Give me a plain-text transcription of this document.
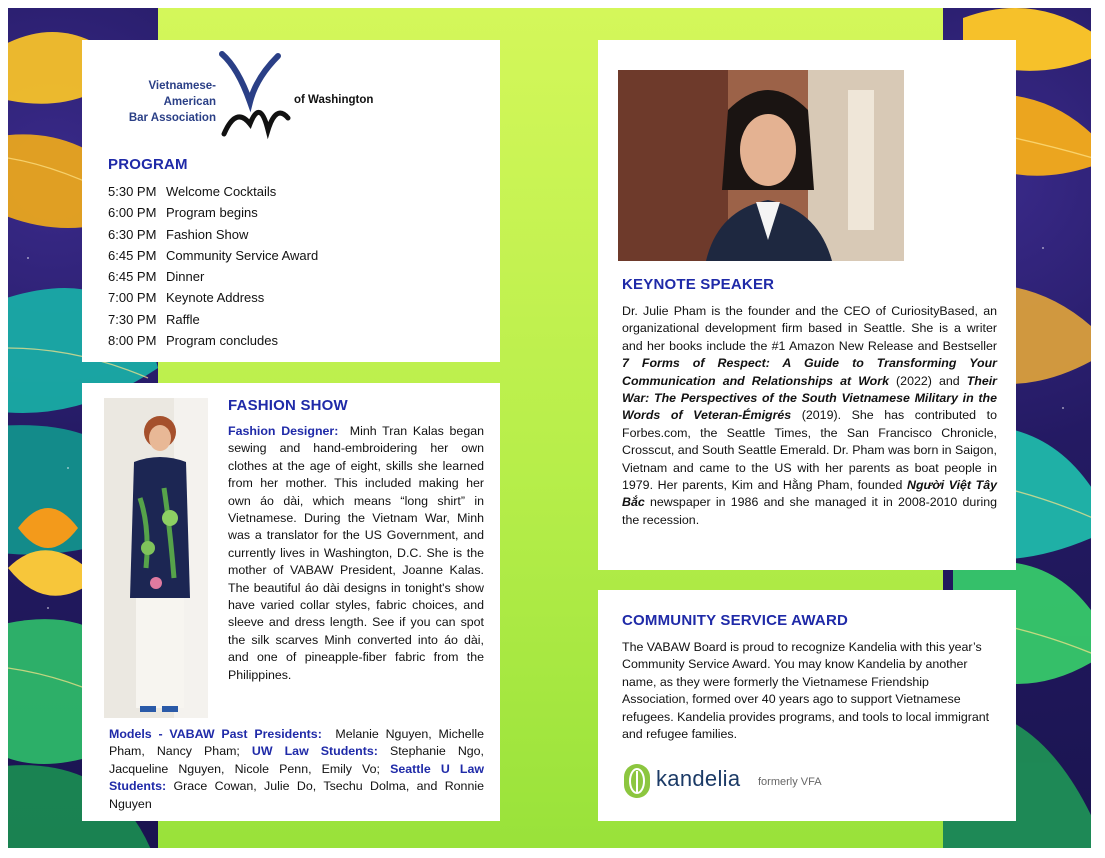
Vietnamese-American
Bar Association
of Washington
PROGRAM
5:30 PM Welcome Cocktails
6:00 PM Program begins
6:30 PM Fashion Show
6:45 PM Community Service Award
6:45 PM Dinner
7:00 PM Keynote Address
7:30 PM Raffle
8:00 PM Program concludes
FASHION SHOW
Fashion Designer: Minh Tran Kalas began sewing and hand-embroidering her own clothes at the age of eight, skills she learned from her mother. This included making her own áo dài, which means “long shirt” in Vietnamese. During the Vietnam War, Minh was a translator for the US Government, and currently lives in Washington, D.C. She is the mother of VABAW President, Joanne Kalas. The beautiful áo dài designs in tonight's show have varied collar styles, fabric choices, and sleeve and dress length. See if you can spot the silk scarves Minh converted into áo dài, and one of pineapple-fiber fabric from the Philippines.
Models - VABAW Past Presidents: Melanie Nguyen, Michelle Pham, Nancy Pham; UW Law Students: Stephanie Ngo, Jacqueline Nguyen, Nicole Penn, Emily Vo; Seattle U Law Students: Grace Cowan, Julie Do, Tsechu Dolma, and Ronnie Nguyen
KEYNOTE SPEAKER
Dr. Julie Pham is the founder and the CEO of CuriosityBased, an organizational development firm based in Seattle. She is a writer and her books include the #1 Amazon New Release and Bestseller 7 Forms of Respect: A Guide to Transforming Your Communication and Relationships at Work (2022) and Their War: The Perspectives of the South Vietnamese Military in the Words of Veteran-Émigrés (2019). She has contributed to Forbes.com, the Seattle Times, the San Francisco Chronicle, Crosscut, and South Seattle Emerald. Dr. Pham was born in Saigon, Vietnam and came to the US with her parents as boat people in 1979. Her parents, Kim and Hằng Pham, founded Người Việt Tây Bắc newspaper in 1986 and she managed it in 2008-2010 during the recession.
COMMUNITY SERVICE AWARD
The VABAW Board is proud to recognize Kandelia with this year’s Community Service Award. You may know Kandelia by another name, as they were formerly the Vietnamese Friendship Association, formed over 40 years ago to support Vietnamese refugees. Kandelia provides programs, and tools to local immigrant and refugee families.
kandelia formerly VFA
